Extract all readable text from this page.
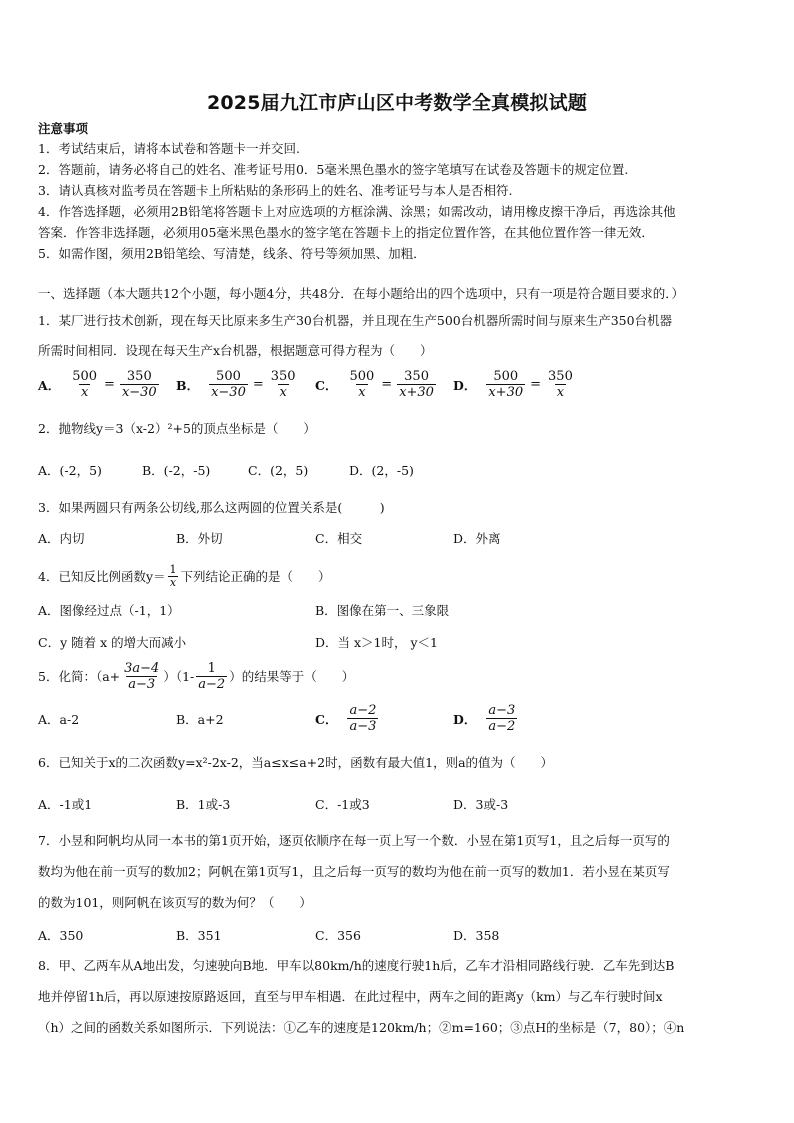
2025届九江市庐山区中考数学全真模拟试题
注意事项
1．考试结束后，请将本试卷和答题卡一并交回.
2．答题前，请务必将自己的姓名、准考证号用0．5毫米黑色墨水的签字笔填写在试卷及答题卡的规定位置.
3．请认真核对监考员在答题卡上所粘贴的条形码上的姓名、准考证号与本人是否相符.
4．作答选择题，必须用2B铅笔将答题卡上对应选项的方框涂满、涂黑；如需改动，请用橡皮擦干净后，再选涂其他
答案．作答非选择题，必须用05毫米黑色墨水的签字笔在答题卡上的指定位置作答，在其他位置作答一律无效．
5．如需作图，须用2B铅笔绘、写清楚，线条、符号等须加黑、加粗．
一、选择题（本大题共12个小题，每小题4分，共48分．在每小题给出的四个选项中，只有一项是符合题目要求的．）
1．某厂进行技术创新，现在每天比原来多生产30台机器，并且现在生产500台机器所需时间与原来生产350台机器
所需时间相同．设现在每天生产x台机器，根据题意可得方程为（　　）
A． $\frac{500}{x} = \frac{350}{x-30}$ B． $\frac{500}{x-30} = \frac{350}{x}$ C． $\frac{500}{x} = \frac{350}{x+30}$ D． $\frac{500}{x+30} = \frac{350}{x}$
2．抛物线y＝3（x-2）²+5的顶点坐标是（　　）
A．(-2，5)	B．(-2，-5)	C．(2，5)	D．(2，-5)
3．如果两圆只有两条公切线,那么这两圆的位置关系是(　　　)
A．内切	B．外切	C．相交	D．外离
4．已知反比例函数$y= \frac{1}{x}$ 下列结论正确的是（　　）
A．图像经过点（-1，1）	B．图像在第一、三象限
C．y 随着 x 的增大而减小	D．当 x＞1时， y＜1
5．化简：$(a+ \frac{3a-4}{a-3} )(1- \frac{1}{a-2}$ ）的结果等于（　　）
A．a-2	B．a+2	C． $\frac{a-2}{a-3}$	D． $\frac{a-3}{a-2}$
6．已知关于x的二次函数y=x²-2x-2，当a≤x≤a+2时，函数有最大值1，则a的值为（　　）
A．-1或1	B．1或-3	C．-1或3	D．3或-3
7．小昱和阿帆均从同一本书的第1页开始，逐页依顺序在每一页上写一个数．小昱在第1页写1，且之后每一页写的
数均为他在前一页写的数加2；阿帆在第1页写1，且之后每一页写的数均为他在前一页写的数加1．若小昱在某页写
的数为101，则阿帆在该页写的数为何？（　　）
A．350	B．351	C．356	D．358
8．甲、乙两车从A地出发，匀速驶向B地．甲车以80km/h的速度行驶1h后，乙车才沿相同路线行驶．乙车先到达B
地并停留1h后，再以原速按原路返回，直至与甲车相遇．在此过程中，两车之间的距离y（km）与乙车行驶时间x
（h）之间的函数关系如图所示．下列说法：①乙车的速度是120km/h；②m=160；③点H的坐标是（7，80）；④n
